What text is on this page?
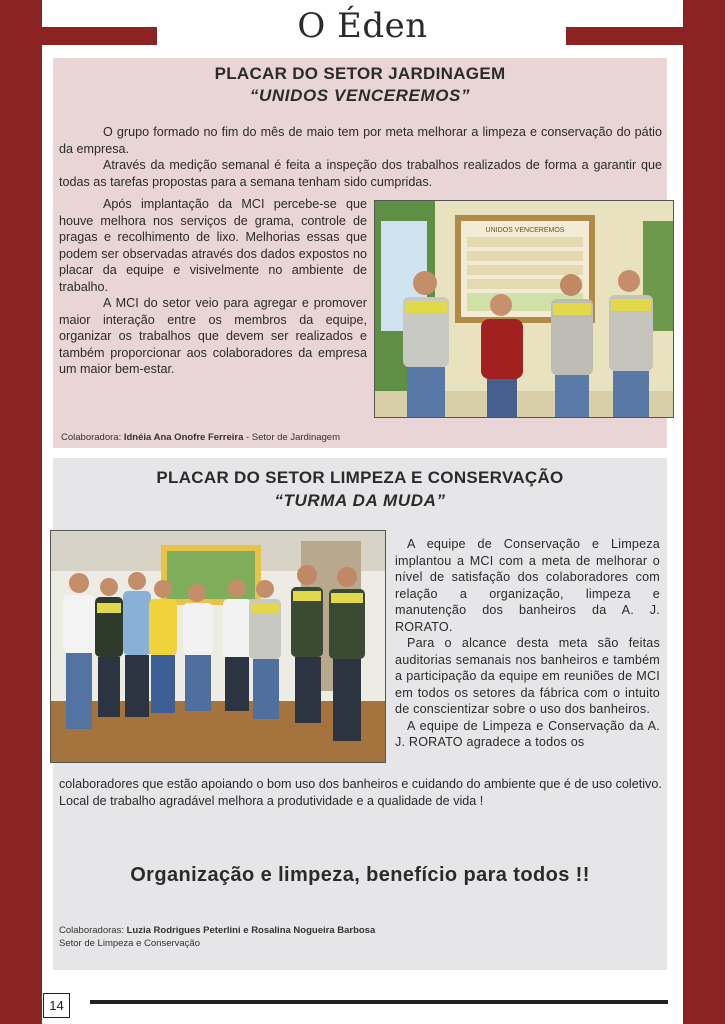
O Éden
PLACAR DO SETOR JARDINAGEM
“UNIDOS VENCEREMOS”

O grupo formado no fim do mês de maio tem por meta melhorar a limpeza e conservação do pátio da empresa.

Através da medição semanal é feita a inspeção dos trabalhos realizados de forma a garantir que todas as tarefas propostas para a semana tenham sido cumpridas.

Após implantação da MCI percebe-se que houve melhora nos serviços de grama, controle de pragas e recolhimento de lixo. Melhorias essas que podem ser observadas através dos dados expostos no placar da equipe e visivelmente no ambiente de trabalho.

A MCI do setor veio para agregar e promover maior interação entre os membros da equipe, organizar os trabalhos que devem ser realizados e também proporcionar aos colaboradores da empresa um maior bem-estar.

UNIDOS VENCEREMOS
Colaboradora: Idnéia Ana Onofre Ferreira - Setor de Jardinagem
PLACAR DO SETOR LIMPEZA E CONSERVAÇÃO
“TURMA DA MUDA”

A equipe de Conservação e Limpeza implantou a MCI com a meta de melhorar o nível de satisfação dos colaboradores com relação a organização, limpeza e manutenção dos banheiros da A. J. RORATO.

Para o alcance desta meta são feitas auditorias semanais nos banheiros e também a participação da equipe em reuniões de MCI em todos os setores da fábrica com o intuito de conscientizar sobre o uso dos banheiros.

A equipe de Limpeza e Conservação da A. J. RORATO agradece a todos os

colaboradores que estão apoiando o bom uso dos banheiros e cuidando do ambiente que é de uso coletivo.

Local de trabalho agradável melhora a produtividade e a qualidade de vida !

Organização e limpeza, benefício para todos !!
Colaboradoras: Luzia Rodrigues Peterlini e Rosalina Nogueira Barbosa
Setor de Limpeza e Conservação
14
